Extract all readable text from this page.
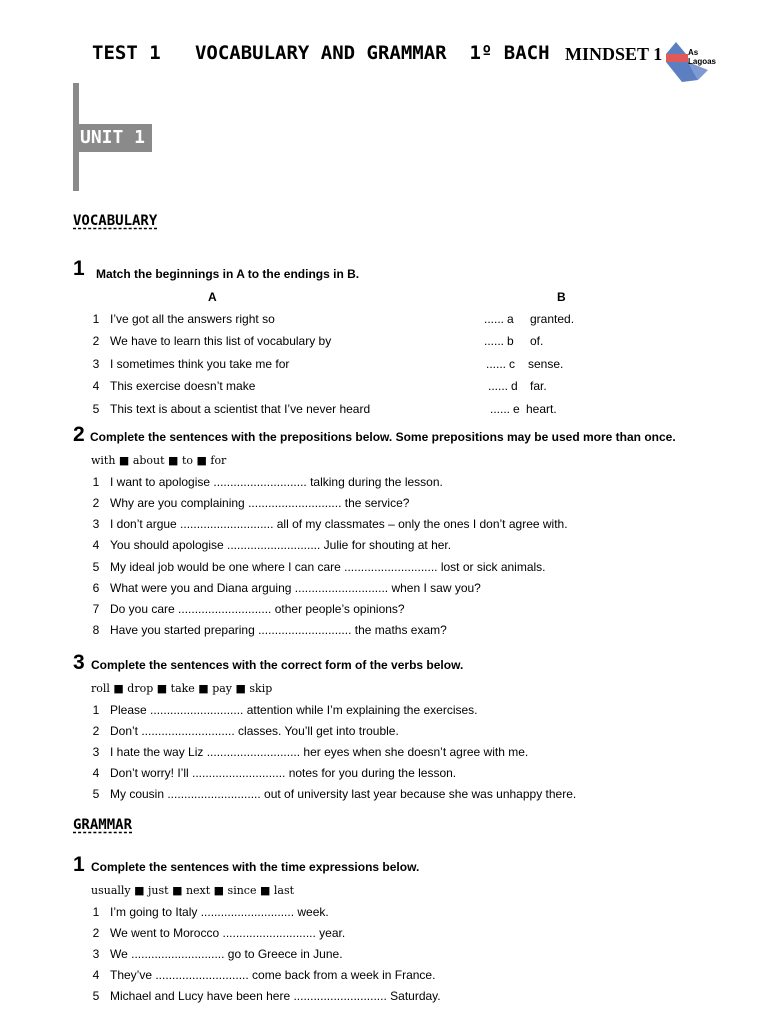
TEST 1   VOCABULARY AND GRAMMAR  1º BACH MINDSET 1	As Lagoas
UNIT 1
VOCABULARY
1 Match the beginnings in A to the endings in B.
A	B
1 I’ve got all the answers right so	...... a granted.
2 We have to learn this list of vocabulary by	...... b of.
3 I sometimes think you take me for	...... c sense.
4 This exercise doesn’t make	...... d far.
5 This text is about a scientist that I’ve never heard	...... e heart.
2 Complete the sentences with the prepositions below. Some prepositions may be used more than once.
with ■ about ■ to ■ for
1 I want to apologise ............................ talking during the lesson.
2 Why are you complaining ............................ the service?
3 I don’t argue ............................ all of my classmates – only the ones I don’t agree with.
4 You should apologise ............................ Julie for shouting at her.
5 My ideal job would be one where I can care ............................ lost or sick animals.
6 What were you and Diana arguing ............................ when I saw you?
7 Do you care ............................ other people’s opinions?
8 Have you started preparing ............................ the maths exam?
3 Complete the sentences with the correct form of the verbs below.
roll ■ drop ■ take ■ pay ■ skip
1 Please ............................ attention while I’m explaining the exercises.
2 Don’t ............................ classes. You’ll get into trouble.
3 I hate the way Liz ............................ her eyes when she doesn’t agree with me.
4 Don’t worry! I’ll ............................ notes for you during the lesson.
5 My cousin ............................ out of university last year because she was unhappy there.
GRAMMAR
1 Complete the sentences with the time expressions below.
usually ■ just ■ next ■ since ■ last
1 I’m going to Italy ............................ week.
2 We went to Morocco ............................ year.
3 We ............................ go to Greece in June.
4 They’ve ............................ come back from a week in France.
5 Michael and Lucy have been here ............................ Saturday.
